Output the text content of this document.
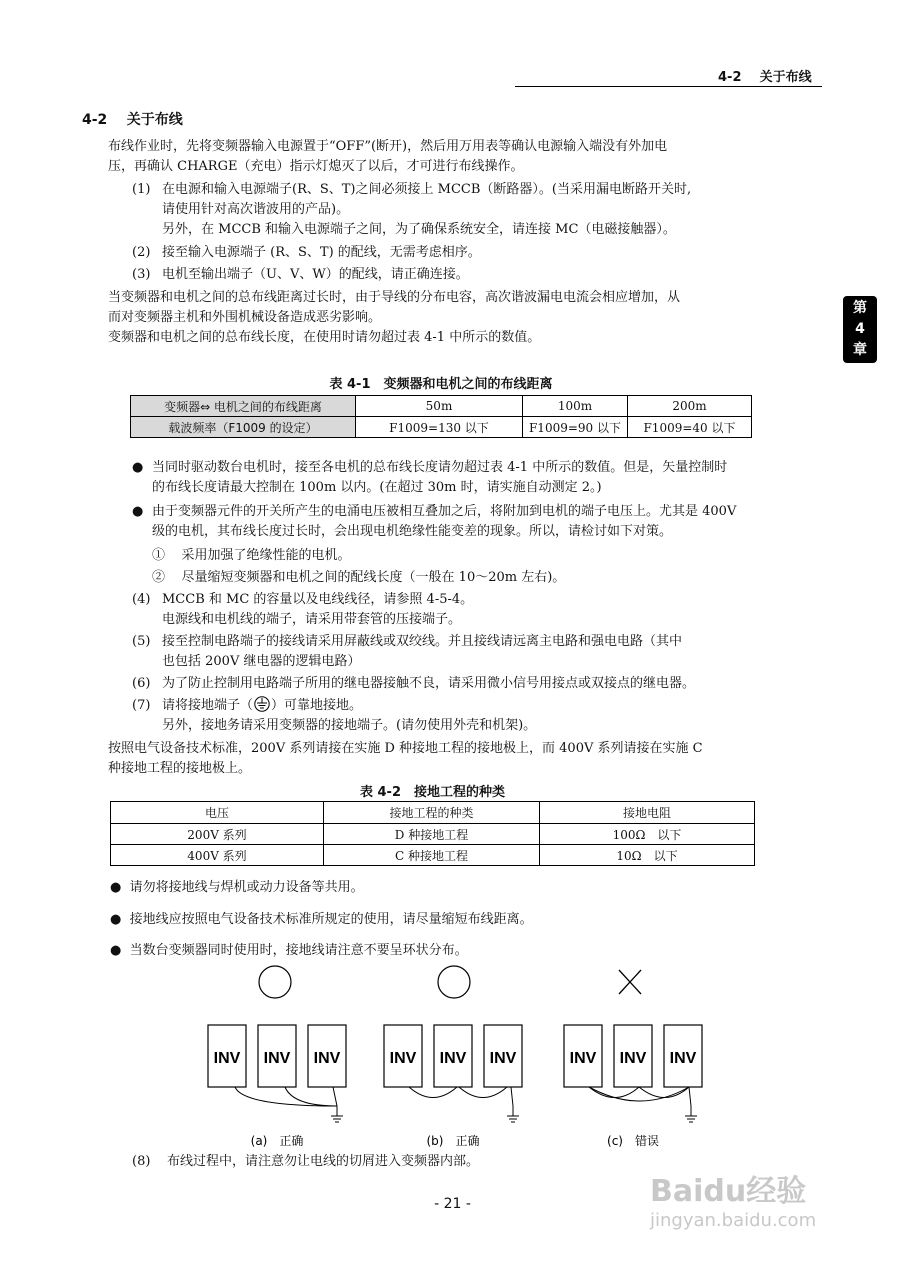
4-2 关于布线
第
4
章
4-2 关于布线
布线作业时，先将变频器输入电源置于“OFF”(断开)，然后用万用表等确认电源输入端没有外加电
压，再确认 CHARGE（充电）指示灯熄灭了以后，才可进行布线操作。
(1) 在电源和输入电源端子(R、S、T)之间必须接上 MCCB（断路器）。(当采用漏电断路开关时,
请使用针对高次谐波用的产品)。
另外，在 MCCB 和输入电源端子之间，为了确保系统安全，请连接 MC（电磁接触器）。
(2) 接至输入电源端子 (R、S、T) 的配线，无需考虑相序。
(3) 电机至输出端子（U、V、W）的配线，请正确连接。
当变频器和电机之间的总布线距离过长时，由于导线的分布电容，高次谐波漏电电流会相应增加，从
而对变频器主机和外围机械设备造成恶劣影响。
变频器和电机之间的总布线长度，在使用时请勿超过表 4-1 中所示的数值。
表 4-1　变频器和电机之间的布线距离
变频器⇔ 电机之间的布线距离	50m	100m	200m
载波频率（F1009 的设定）	F1009=130 以下	F1009=90 以下	F1009=40 以下
● 当同时驱动数台电机时，接至各电机的总布线长度请勿超过表 4-1 中所示的数值。但是，矢量控制时
的布线长度请最大控制在 100m 以内。(在超过 30m 时，请实施自动测定 2。)
● 由于变频器元件的开关所产生的电涌电压被相互叠加之后，将附加到电机的端子电压上。尤其是 400V
级的电机，其布线长度过长时，会出现电机绝缘性能变差的现象。所以，请检讨如下对策。
① 采用加强了绝缘性能的电机。
② 尽量缩短变频器和电机之间的配线长度（一般在 10～20m 左右)。
(4) MCCB 和 MC 的容量以及电线线径，请参照 4-5-4。
电源线和电机线的端子，请采用带套管的压接端子。
(5) 接至控制电路端子的接线请采用屏蔽线或双绞线。并且接线请远离主电路和强电电路（其中
也包括 200V 继电器的逻辑电路）
(6) 为了防止控制用电路端子所用的继电器接触不良，请采用微小信号用接点或双接点的继电器。
(7) 请将接地端子（ ）可靠地接地。
另外，接地务请采用变频器的接地端子。(请勿使用外壳和机架)。
按照电气设备技术标准，200V 系列请接在实施 D 种接地工程的接地极上，而 400V 系列请接在实施 C
种接地工程的接地极上。
表 4-2　接地工程的种类
电压	接地工程的种类	接地电阻
200V 系列	D 种接地工程	100Ω　以下
400V 系列	C 种接地工程	10Ω　以下
● 请勿将接地线与焊机或动力设备等共用。
● 接地线应按照电气设备技术标准所规定的使用，请尽量缩短布线距离。
● 当数台变频器同时使用时，接地线请注意不要呈环状分布。
INV INV INV
(a)　正确
INV INV INV
(b)　正确
INV INV INV
(c)　错误
○	○
(8) 布线过程中，请注意勿让电线的切屑进入变频器内部。
- 21 -	Baidu经验
jingyan.baidu.com
